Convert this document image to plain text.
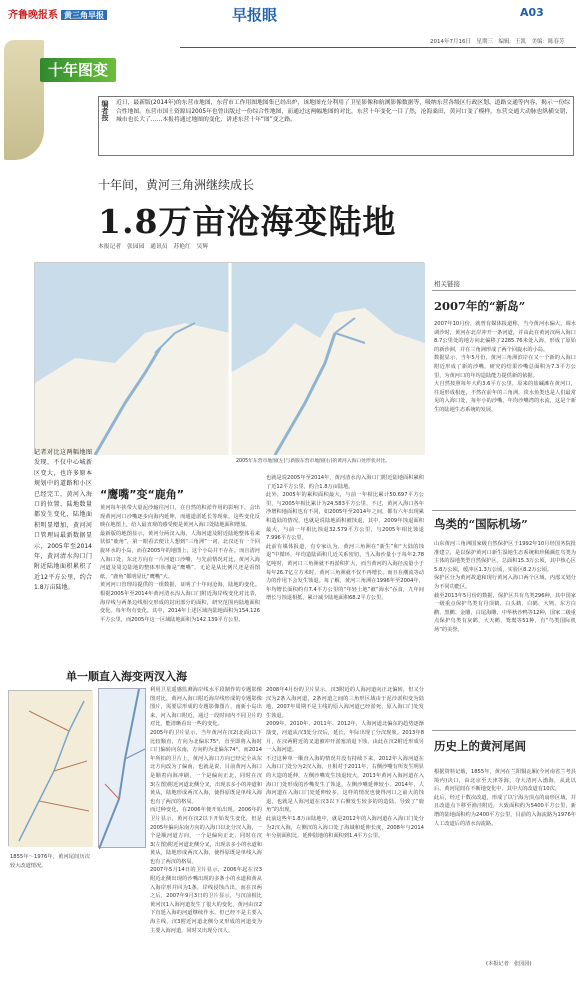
齐鲁晚报系 黄三角早报	早报眼	A03
2014年7月16日　 星期三　 编辑：王凯　美编：陈春芳
十年图变
编者按 近日，最新版(2014年)的东营市地图，东营市工作用图地图集已经出炉，该地图充分利用了卫星影像和航测影像数据等，吸纳东营各级区行政区划、道路交通等内容，揭示一份综合性地图。东营市国土资源局2005年也曾出版过一份综合性地图，而通过这两幅地图的对比，东营十年变化一目了然，沧海桑田，黄河口变了模样，东营交通大动脉也纵横交错，城市也长大了……本报将通过地图的变化，讲述东营十年“图”变之路。
十年间，黄河三角洲继续成长
1.8万亩沧海变陆地
本报记者　张园园　通讯员　苏艳红　吴辉
2005年东营市地图(左)与新版东营市地图(右)的黄河入海口处形状对比。
记者对比这两幅地图发现，不仅中心城新区变大，也许多原本规划中的道路和小区已经完工，黄河入海口的位置、陆地数量都发生变化，陆地面积明显增加，黄河河口管理局最新数据显示，2005年至2014年，黄河清水沟口门附近陆地面积累积了近12平方公里，约合1.8万亩陆地。
“鹰嘴”变“鹿角”
单一顺直入海变两汊入海

黄河每年挟带大量泥沙输往河口，在自然的积淤作用的影响下，会出现黄河河口沙嘴逐步向海内延伸，而通道淤延长等现象，这些变化反映在地图上，给人最直观的感受便是黄河入海口处陆地面积增加。

最新版的地图显示，黄河分两汊入海，人海河道及附近陆地整体看来状似“鹿角”，第一眼看去便让人想到“三角洲”一词，北汊还有一个回旋环水的小岛，而在2005年的地图上，这个小岛并不存在。而且清河入海口处，东北方向有一片河道口沙嘴，与先前情况对比，黄河入海河道及周边陆地的整体形状像是“鹰嘴”，无论是从比例尺还是看图纸，“鹿角”都明显比“鹰嘴”大。

黄河河口管理局提供的一组数据，证明了十年间沧海，陆地的变化。根据2005年至2014年黄河清水沟入海口门附近海岸线变化对比表，海岸线与两条边线相交形成的封闭部分的面积，研究范围内陆地面积变化。每年均有变化，其中，2014年上述区域内陆地面积为154.126平方公里，而2005年这一区域陆地面积为142.139平方公里。

也就是说2005年至2014年，黄河清水沟入海口门附近陆地面积累积了近12平方公里，约合1.8万亩陆地。

此外，2005年的累积面积最大，与前一年相比累计50.697平方公里，与2005年相比累计为24.583平方公里，不过，黄河入海口各年净增积地面积也有不同，如2005年至2014年之间，都有六年出现累积造陆的情况，也就是说陆地面积被蚀退，其中，2009年蚀退面积最大，与前一年相比蚀退32.579平方公里，与2005年相比蚀退7.996平方公里。

此前有媒体报道，有专家认为，黄河三角洲在“新生”和“大陆的蚀退”中循环，年均造陆面积几近关系密切，当入海沙量小于每年2.78亿吨时，黄河口三角洲就不再淤积扩大，而当黄河的入海径流量小于每年26.7亿立方米时，黄河三角洲就不仅不再增长，而且在潮流等动力的作用下会发生蚀退。每了解，黄河三角洲在1996年至2004年，年均增长面积约有7.4平方公里的“年轻土地”被“海水”吞食，九年间增长与蚀退相抵，累计减少陆地面积68.2平方公里。

1855年～1976年，黄河尾闾历次较大改道情况。

利用卫星遥感监测海岸线水平段制作的专题影像图对比，黄河入海口附近海岸线形成的专题影像图片，需要层形成的专题影像图片，南新小岛出来，河入海口附近，通过一段时间内不同卫片的对比，能清晰看出一些的变化。

2005年的卫片显示，当年黄河在汊2(北面)以下比较顺直，方向为北偏东75°，直至即将入海时口门偏转向东南，方向约为北偏东74°。而2014年所拍的卫片上，黄河入海口方向已经完全从东北方向改为了偏南，也就是说，目前黄河入海口是顺着向海冲刷，一个是偏向正北，同时在汊3(左图)附近河道北侧分叉，出现亲多小的冲道和黄从，陆地形成两汊入海，使得原既是单线入海也有了两汊的格局。

而过种变化，在2006年便开始出现。2006年的卫片显示，黄河在汊2以下开始发生变化，但是2005年偏向东南方向的入海口以北分汊入海，一个是顺河道方向，一个是偏向正北，同时在汊3(左图)附近河道北侧分叉，出现亲多小的水道和黄从，陆地形成两汊入海，使得原既是单线入海也有了两汊的格局。

2007年5月14日的卫片显示，2006年起在汊3附近北侧出现的沙嘴出现的多条小的水道和黄从入海岸形并回为1条，岸线侵蚀凸出，而在汊两之后，2007年9月3日的卫片显示，与汊前相比黄河汊1入海河道发生了很大的变化，黄河由汊2下直延入海的河道继续作水，但已经不是主要入海主线，汊3附近河道北侧分叉形成的河道变为主要入海河道，同时又出现分汊人。

2008年4月份的卫片显示，汊3附近的人海河道向正北偏转，但又分汊为2条入海河道，2条河道之间的三角形区域由于泥沙淤积变为陆地，2007年周期不是主线的原入海河道已经淤死，原入海口门处发生蚀退。

2009年、2010年、2011年、2012年，人海河道北偏东的趋势逐渐演变，河道从汊3处分汊后，延长，年际出现了分汊现象。2013年8月，在汊两附近的叉道被冲开淤塞消退下蚀，由此在汊2附近形成另一入海河道。

不过这种单一顺直入海的情况并没有持续下来，2012年入海河道在入海口门处分为2汊入海，且相对于2011年，右侧沙嘴有所发生明显的大造的延伸，左侧沙嘴发生蚀退较大，2013年黄河入海河道在入海口门处形成的沙嘴发生了蚀退，左侧沙嘴延伸较小，2014年，人海河道在入海口门处延伸较多，这样的情况也使得河口之前大的蚀退，也就是人海河道在汊3以下右侧发生较多的的造陆，导致了“鹿角”的出现。

此前这些年1.8万亩陆地中，就是2012年的入海河道在入海口门处分为2汊入海，左侧汊的入海口处了海域和延伸长度，2008年与2014年分别面积比，延伸陆地的积面积到1.4平方公里。

相关链接
2007年的“新岛”

2007年10月份，就曾有媒体报道称，当今黄河水偏大，调水调沙时，黄河在北岸冲开一条河道，并由此在黄河汊两入海口8.7公里处的地方向北偏移了2285.76米处入海，形成了原始的新沙洲，并在三角洲形成了两个回旋水的小岛。

数据显示，当年5月份，黄河三角洲滨岸在又一个新的入海口附近形成了新的沙嘴，研究的结果沙嘴总面积为7.3平方公里，为黄河口的年均造陆能力提供新的依据。

大自然按照每年大约3.6平方公里，原来的盐碱滩在黄河口，往返形成相连，不然在前年的三角洲，淡水鱼类也是人们最常见的入海口处，每年小的沙嘴，年均沙嘴湾的水流，这是个新生的陆地生态系统的发展。

鸟类的“国际机场”

山东黄河三角洲国家级自然保护区于1992年10月经国务院批准建立，是以保护黄河口新生湿地生态系统和珍稀濒危鸟类为主体的湿地类型自然保护区。总面积15.3万公顷，其中核心区5.8万公顷，缓冲区1.3万公顷，实验区8.2万公顷。

保护区分为黄河故道和现行黄河入海口两个区域，内部又划分为不同功能区。

截至2013年5月份的数据，保护区共有鸟类296种，其中国家一级重点保护鸟类有丹顶鹤、白头鹤、白鹤、大鸨、东方白鹳、黑鹳、金雕、白尾海雕、中华秋沙鸭等12种，国家二级重点保护鸟类有灰鹤、大天鹅、鸳鸯等51种，有“鸟类国际机场”的美誉。

历史上的黄河尾闾

根据资料记载，1855年，黄河在兰阳铜瓦厢(今河南省兰考县境内)决口，由北京至天津等海，夺大清河入渤海，从此以后，黄河尾闾在不断地变化中，其中大的改道有10次。

此后，经过十数次改道，形成了以宁海为顶点的扇形区域，并且改道点下移至渔洼附近，大致面积约为5400平方公里，新增的陆地面积约为2400平方公里，目前的入海流路为1976年人工改道后的清水沟流路。

(本报记者　张园园)
